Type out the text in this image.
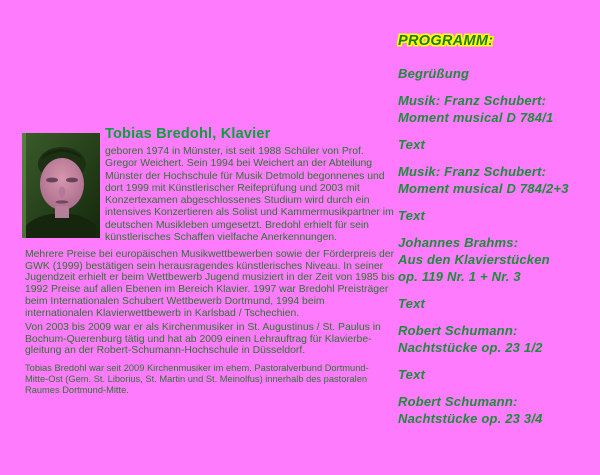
Tobias Bredohl, Klavier
geboren 1974 in Münster, ist seit 1988 Schüler von Prof. Gregor Weichert. Sein 1994 bei Weichert an der Abteilung Münster der Hochschule für Musik Detmold begonnenes und dort 1999 mit Künstlerischer Reifeprüfung und 2003 mit Konzertexamen abgeschlossenes Studium wird durch ein intensives Konzertieren als Solist und Kammermusikpartner im deutschen Musikleben umgesetzt. Bredohl erhielt für sein künstlerisches Schaffen vielfache Anerkennungen.
Mehrere Preise bei europäischen Musikwettbewerben sowie der Förderpreis der GWK (1999) bestätigen sein herausragendes künstlerisches Niveau. In seiner Jugendzeit erhielt er beim Wettbewerb Jugend musiziert in der Zeit von 1985 bis 1992 Preise auf allen Ebenen im Bereich Klavier. 1997 war Bredohl Preisträger beim Internationalen Schubert Wettbewerb Dortmund, 1994 beim internationalen Klavierwettbewerb in Karlsbad / Tschechien.
Von 2003 bis 2009 war er als Kirchenmusiker in St. Augustinus / St. Paulus in Bochum-Querenburg tätig und hat ab 2009 einen Lehrauftrag für Klavierbegleitung an der Robert-Schumann-Hochschule in Düsseldorf.
Tobias Bredohl war seit 2009 Kirchenmusiker im ehem. Pastoralverbund Dortmund-Mitte-Ost (Gem. St. Liborius, St. Martin und St. Meinolfus) innerhalb des pastoralen Raumes Dortmund-Mitte.
PROGRAMM:
Begrüßung
Musik: Franz Schubert:
Moment musical D 784/1
Text
Musik: Franz Schubert:
Moment musical D 784/2+3
Text
Johannes Brahms:
Aus den Klavierstücken
op. 119 Nr. 1 + Nr. 3
Text
Robert Schumann:
Nachtstücke op. 23 1/2
Text
Robert Schumann:
Nachtstücke op. 23 3/4
